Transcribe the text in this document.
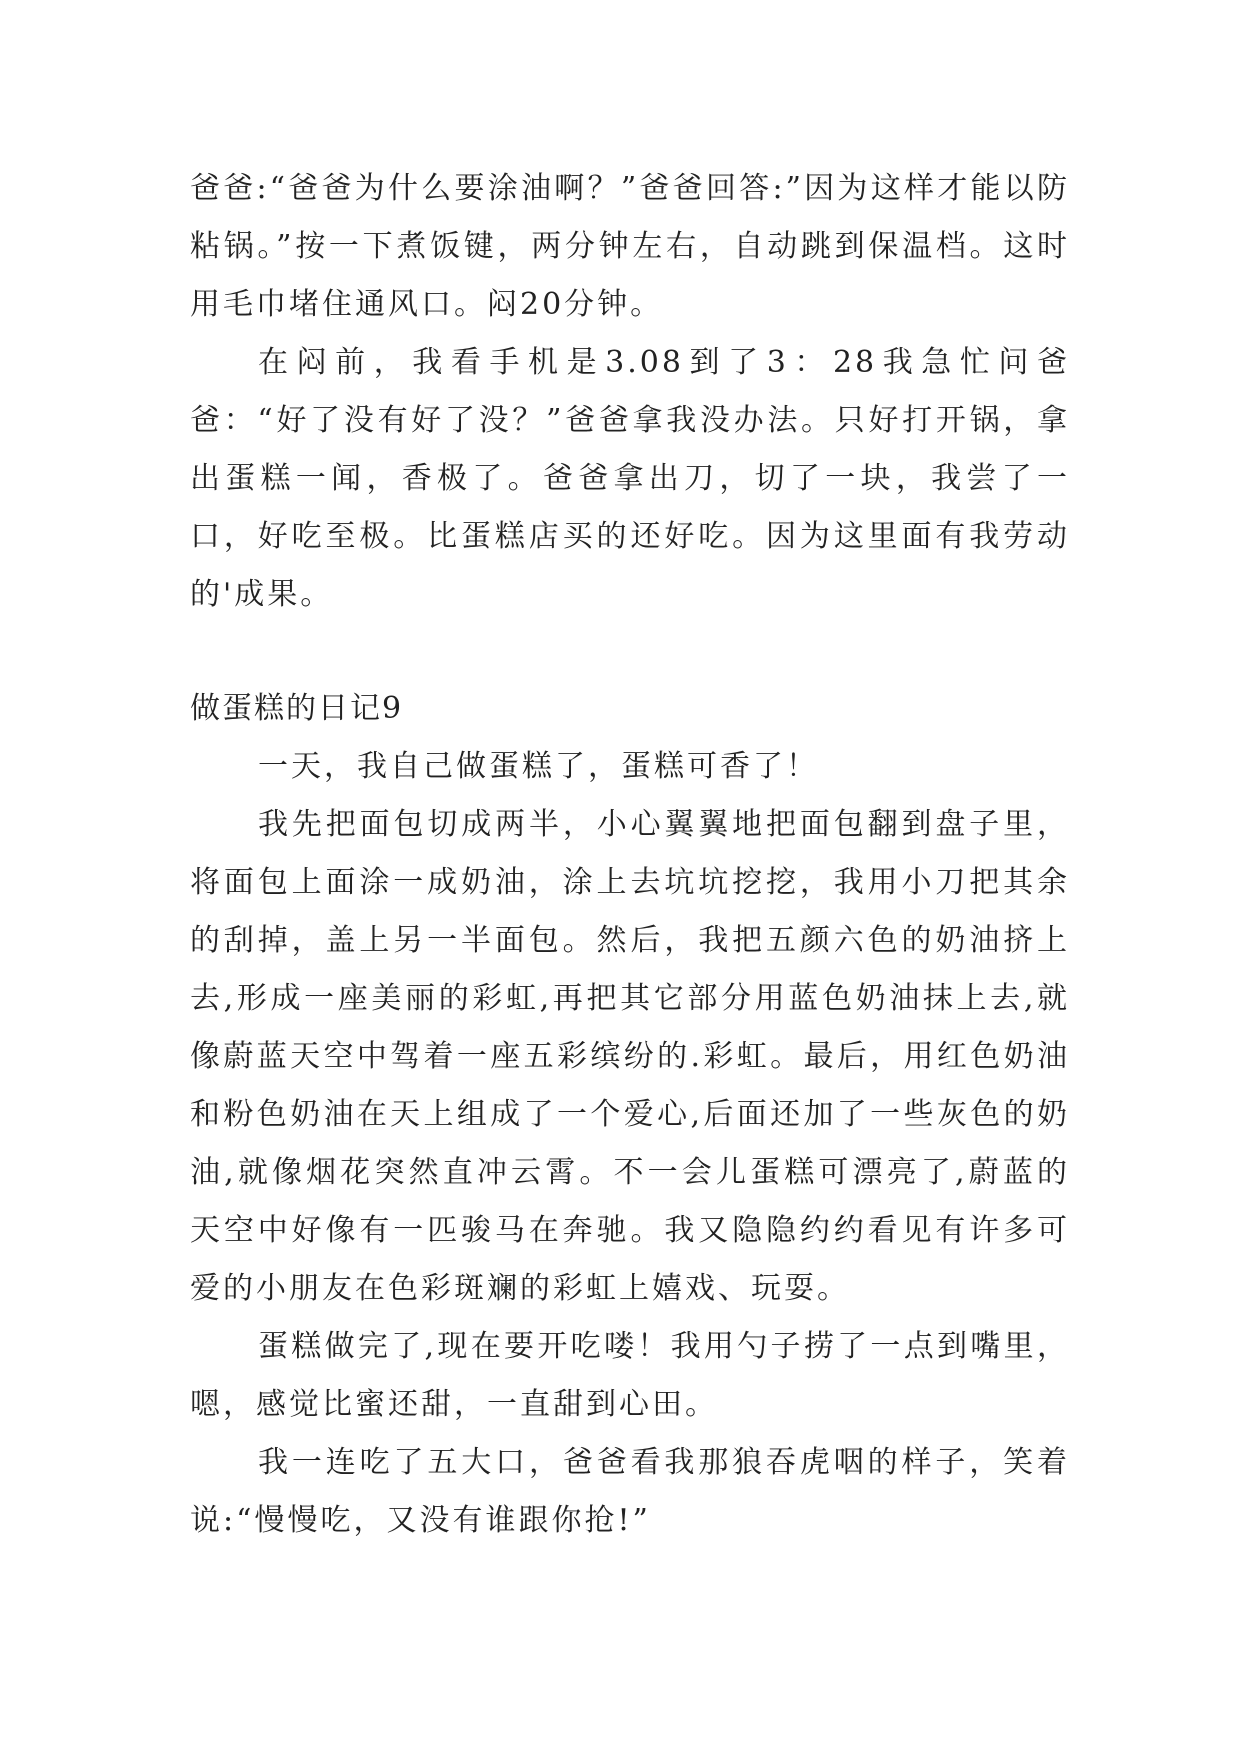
爸爸:“爸爸为什么要涂油啊？”爸爸回答:”因为这样才能以防粘锅。”按一下煮饭键，两分钟左右，自动跳到保温档。这时用毛巾堵住通风口。闷20分钟。

在闷前，我看手机是3.08到了3：28我急忙问爸爸：“好了没有好了没？”爸爸拿我没办法。只好打开锅，拿出蛋糕一闻，香极了。爸爸拿出刀，切了一块，我尝了一口，好吃至极。比蛋糕店买的还好吃。因为这里面有我劳动的'成果。

做蛋糕的日记9

一天，我自己做蛋糕了，蛋糕可香了！

我先把面包切成两半，小心翼翼地把面包翻到盘子里，将面包上面涂一成奶油，涂上去坑坑挖挖，我用小刀把其余的刮掉，盖上另一半面包。然后，我把五颜六色的奶油挤上去,形成一座美丽的彩虹,再把其它部分用蓝色奶油抹上去,就像蔚蓝天空中驾着一座五彩缤纷的.彩虹。最后，用红色奶油和粉色奶油在天上组成了一个爱心,后面还加了一些灰色的奶油,就像烟花突然直冲云霄。不一会儿蛋糕可漂亮了,蔚蓝的天空中好像有一匹骏马在奔驰。我又隐隐约约看见有许多可爱的小朋友在色彩斑斓的彩虹上嬉戏、玩耍。

蛋糕做完了,现在要开吃喽！我用勺子捞了一点到嘴里，嗯，感觉比蜜还甜，一直甜到心田。

我一连吃了五大口，爸爸看我那狼吞虎咽的样子，笑着说:“慢慢吃，又没有谁跟你抢!”
